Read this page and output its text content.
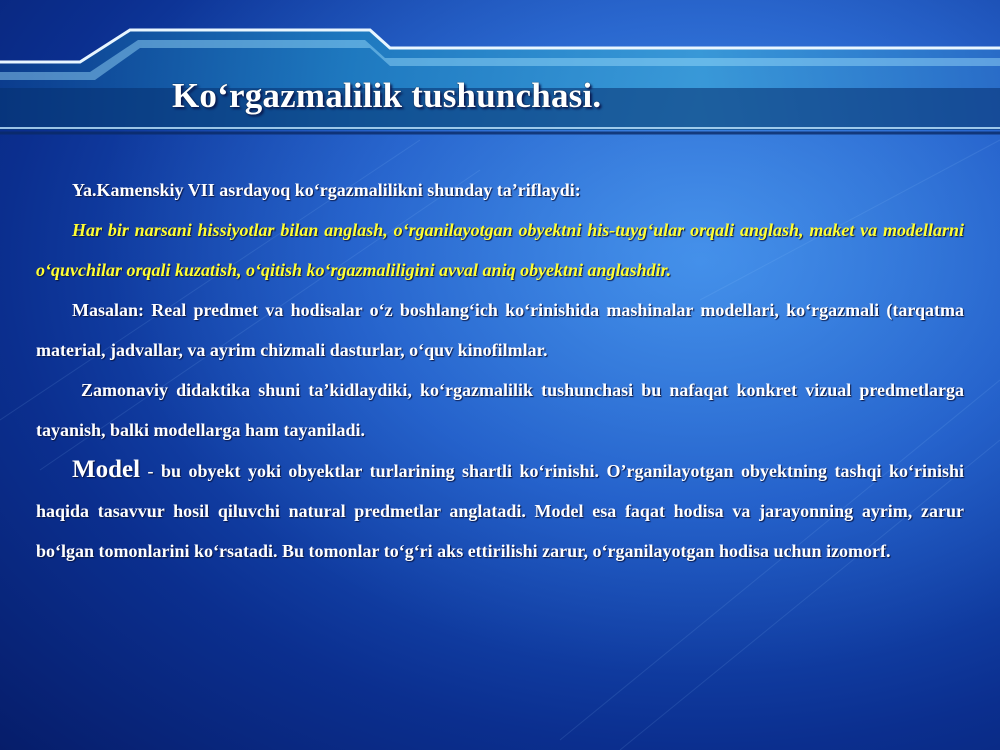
Ko‘rgazmalilik tushunchasi.

Ya.Kamenskiy VII asrdayoq ko‘rgazmalilikni shunday ta’riflaydi:

Har bir narsani hissiyotlar bilan anglash, o‘rganilayotgan obyektni his-tuyg‘ular orqali anglash, maket va modellarni o‘quvchilar orqali kuzatish, o‘qitish ko‘rgazmaliligini avval aniq obyektni anglashdir.

Masalan: Real predmet va hodisalar o‘z boshlang‘ich ko‘rinishida mashinalar modellari, ko‘rgazmali (tarqatma material, jadvallar, va ayrim chizmali dasturlar, o‘quv kinofilmlar.

Zamonaviy didaktika shuni ta’kidlaydiki, ko‘rgazmalilik tushunchasi bu nafaqat konkret vizual predmetlarga tayanish, balki modellarga ham tayaniladi.

Model - bu obyekt yoki obyektlar turlarining shartli ko‘rinishi. O’rganilayotgan obyektning tashqi ko‘rinishi haqida tasavvur hosil qiluvchi natural predmetlar anglatadi. Model esa faqat hodisa va jarayonning ayrim, zarur bo‘lgan tomonlarini ko‘rsatadi. Bu tomonlar to‘g‘ri aks ettirilishi zarur, o‘rganilayotgan hodisa uchun izomorf.
